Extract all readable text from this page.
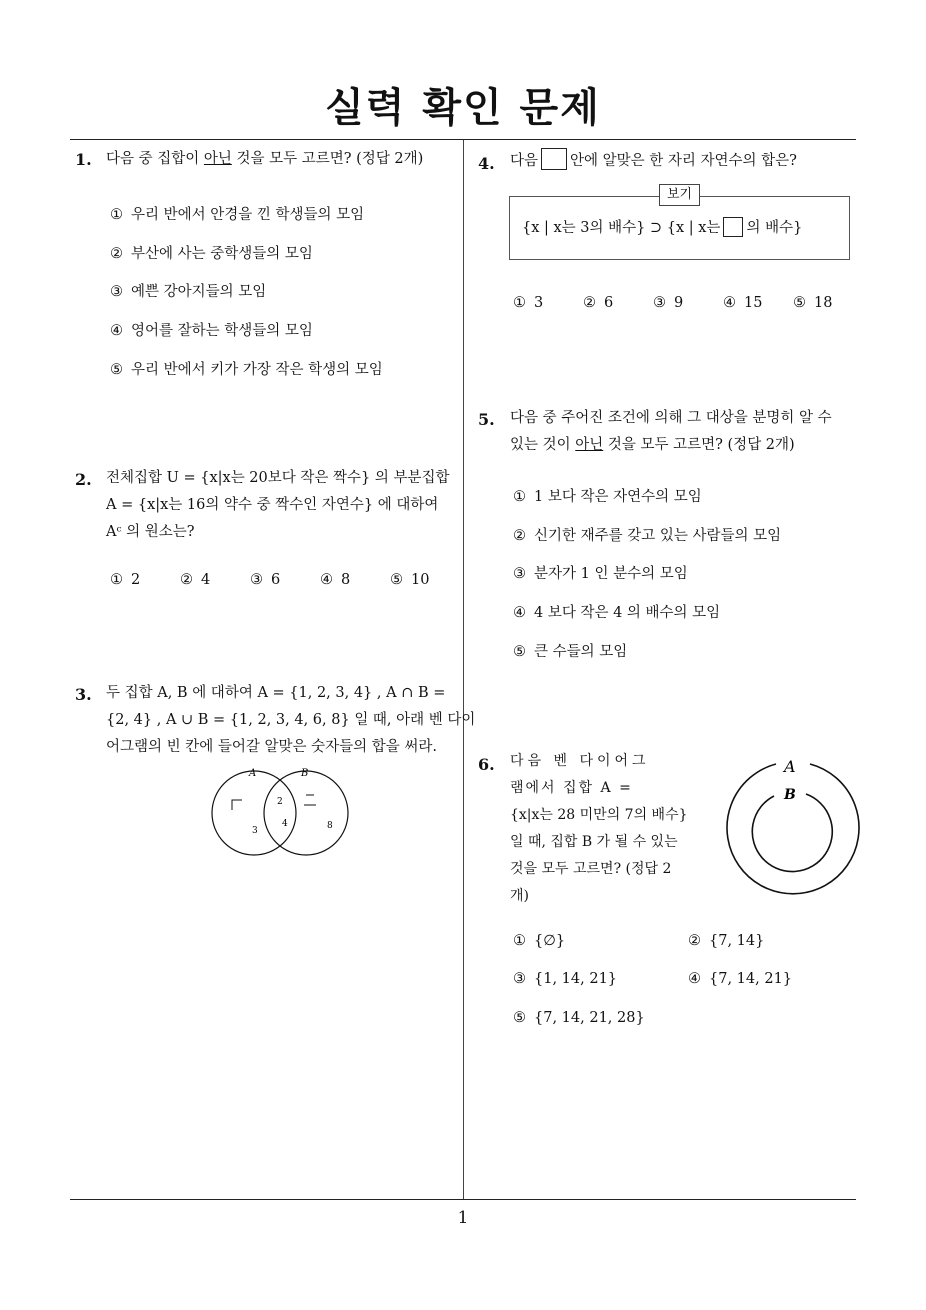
실력 확인 문제
1. 다음 중 집합이 아닌 것을 모두 고르면? (정답 2개)
① 우리 반에서 안경을 낀 학생들의 모임
② 부산에 사는 중학생들의 모임
③ 예쁜 강아지들의 모임
④ 영어를 잘하는 학생들의 모임
⑤ 우리 반에서 키가 가장 작은 학생의 모임
2. 전체집합 U = {x|x는 20보다 작은 짝수} 의 부분집합
A = {x|x는 16의 약수 중 짝수인 자연수} 에 대하여
Aᶜ 의 원소는?
① 2	② 4	③ 6	④ 8	⑤ 10
3. 두 집합 A, B 에 대하여 A = {1, 2, 3, 4} , A ∩ B =
{2, 4} , A ∪ B = {1, 2, 3, 4, 6, 8} 일 때, 아래 벤 다이
어그램의 빈 칸에 들어갈 알맞은 숫자들의 합을 써라.
A	B
2
3
4	8
4. 다음 안에 알맞은 한 자리 자연수의 합은?
보기
{x | x는 3의 배수} ⊃ {x | x는 의 배수}
① 3	② 6	③ 9	④ 15 ⑤ 18
5. 다음 중 주어진 조건에 의해 그 대상을 분명히 알 수
있는 것이 아닌 것을 모두 고르면? (정답 2개)
① 1 보다 작은 자연수의 모임
② 신기한 재주를 갖고 있는 사람들의 모임
③ 분자가 1 인 분수의 모임
④ 4 보다 작은 4 의 배수의 모임
⑤ 큰 수들의 모임
6. 다음 벤 다이어그
램에서 집합 A =
{x|x는 28 미만의 7의 배수}
일 때, 집합 B 가 될 수 있는
것을 모두 고르면? (정답 2
개)
A
B
① {∅}	② {7, 14}
③ {1, 14, 21}	④ {7, 14, 21}
⑤ {7, 14, 21, 28}
1
